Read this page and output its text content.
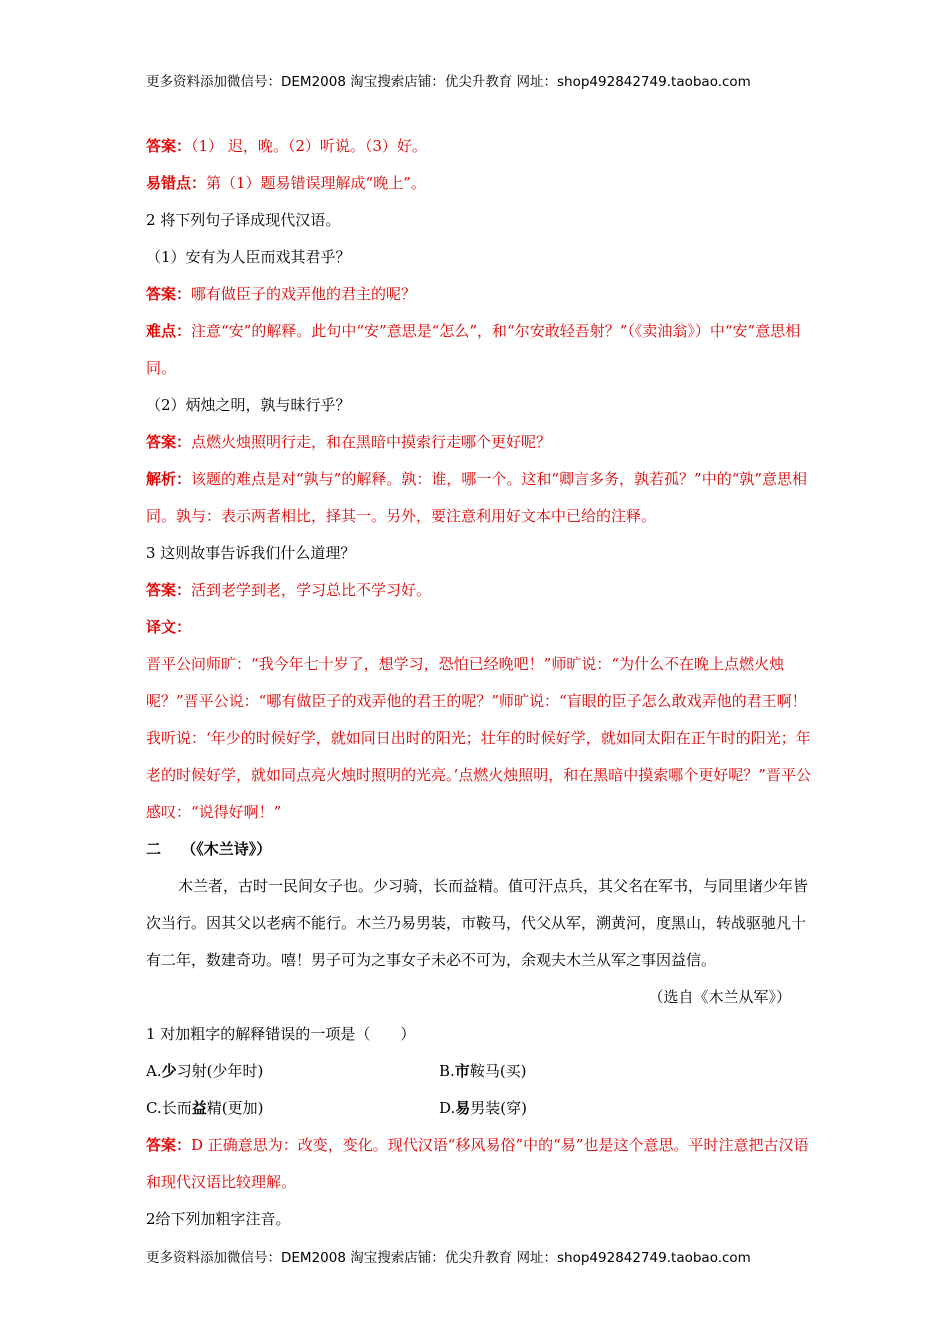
更多资料添加微信号：DEM2008 淘宝搜索店铺：优尖升教育 网址：shop492842749.taobao.com

答案：（1） 迟，晚。（2）听说。（3）好。

易错点：第（1）题易错误理解成“晚上”。

2 将下列句子译成现代汉语。

（1）安有为人臣而戏其君乎？

答案：哪有做臣子的戏弄他的君主的呢？

难点：注意“安”的解释。此句中“安”意思是“怎么”，和“尔安敢轻吾射？”（《卖油翁》）中“安”意思相同。

（2）炳烛之明，孰与昧行乎？

答案：点燃火烛照明行走，和在黑暗中摸索行走哪个更好呢？

解析：该题的难点是对“孰与”的解释。孰：谁，哪一个。这和“卿言多务，孰若孤？”中的“孰”意思相同。孰与：表示两者相比，择其一。另外，要注意利用好文本中已给的注释。

3 这则故事告诉我们什么道理？

答案：活到老学到老，学习总比不学习好。

译文：

晋平公问师旷：“我今年七十岁了，想学习，恐怕已经晚吧！”师旷说：“为什么不在晚上点燃火烛呢？”晋平公说：“哪有做臣子的戏弄他的君王的呢？”师旷说：“盲眼的臣子怎么敢戏弄他的君王啊！我听说：‘年少的时候好学，就如同日出时的阳光；壮年的时候好学，就如同太阳在正午时的阳光；年老的时候好学，就如同点亮火烛时照明的光亮。’点燃火烛照明，和在黑暗中摸索哪个更好呢？”晋平公感叹：“说得好啊！”

二　 （《木兰诗》）

木兰者，古时一民间女子也。少习骑，长而益精。值可汗点兵，其父名在军书，与同里诸少年皆次当行。因其父以老病不能行。木兰乃易男装，市鞍马，代父从军，溯黄河，度黑山，转战驱驰凡十有二年，数建奇功。嘻！男子可为之事女子未必不可为，余观夫木兰从军之事因益信。

（选自《木兰从军》）

1 对加粗字的解释错误的一项是（　　）

A.少习射(少年时)	B.市鞍马(买)
C.长而益精(更加)	D.易男装(穿)

答案：D 正确意思为：改变，变化。现代汉语“移风易俗”中的“易”也是这个意思。平时注意把古汉语和现代汉语比较理解。

2给下列加粗字注音。

更多资料添加微信号：DEM2008 淘宝搜索店铺：优尖升教育 网址：shop492842749.taobao.com
